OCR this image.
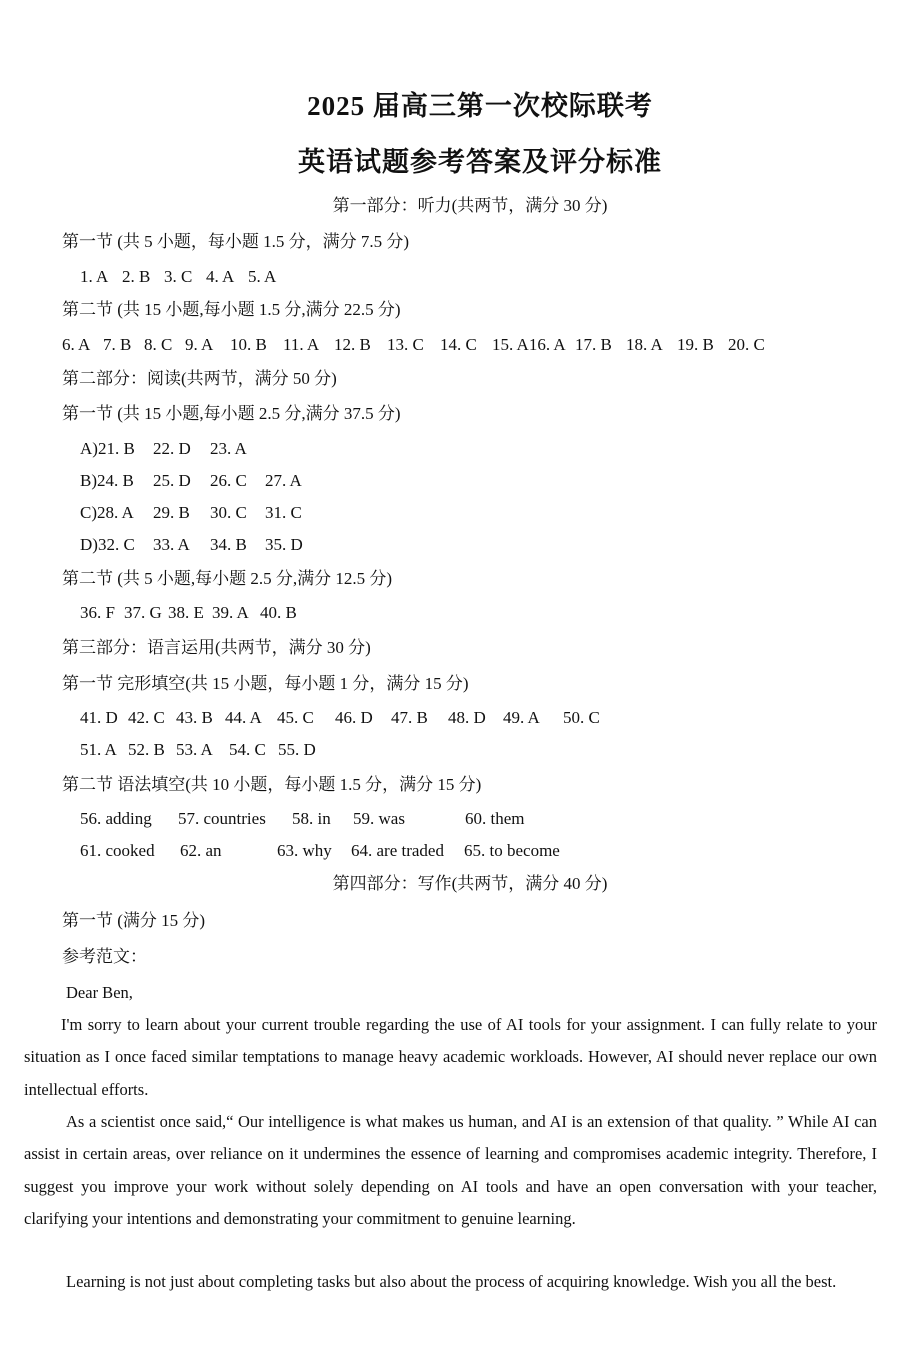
2025 届高三第一次校际联考
英语试题参考答案及评分标准
第一部分：听力(共两节，满分 30 分)
第一节 (共 5 小题，每小题 1.5 分，满分 7.5 分)
1. A 2. B 3. C 4. A 5. A
第二节 (共 15 小题,每小题 1.5 分,满分 22.5 分)
6. A 7. B 8. C 9. A 10. B 11. A 12. B 13. C 14. C 15. A16. A 17. B 18. A 19. B 20. C
第二部分：阅读(共两节，满分 50 分)
第一节 (共 15 小题,每小题 2.5 分,满分 37.5 分)
A)21. B	22. D	23. A
B)24. B	25. D	26. C	27. A
C)28. A	29. B	30. C	31. C
D)32. C	33. A	34. B	35. D
第二节 (共 5 小题,每小题 2.5 分,满分 12.5 分)
36. F 37. G 38. E 39. A 40. B
第三部分：语言运用(共两节，满分 30 分)
第一节 完形填空(共 15 小题，每小题 1 分，满分 15 分)
41. D 42. C 43. B 44. A 45. C	46. D	47. B	48. D	49. A	50. C
51. A 52. B 53. A 54. C 55. D
第二节 语法填空(共 10 小题，每小题 1.5 分，满分 15 分)
56. adding	57. countries	58. in	59. was	60. them
61. cooked	62. an	63. why	64. are traded	65. to become
第四部分：写作(共两节，满分 40 分)
第一节 (满分 15 分)
参考范文：
Dear Ben,
I'm sorry to learn about your current trouble regarding the use of AI tools for your assignment. I can fully relate to your situation as I once faced similar temptations to manage heavy academic workloads. However, AI should never replace our own intellectual efforts.
As a scientist once said,“ Our intelligence is what makes us human, and AI is an extension of that quality. ” While AI can assist in certain areas, over reliance on it undermines the essence of learning and compromises academic integrity. Therefore, I suggest you improve your work without solely depending on AI tools and have an open conversation with your teacher, clarifying your intentions and demonstrating your commitment to genuine learning.
Learning is not just about completing tasks but also about the process of acquiring knowledge. Wish you all the best.
